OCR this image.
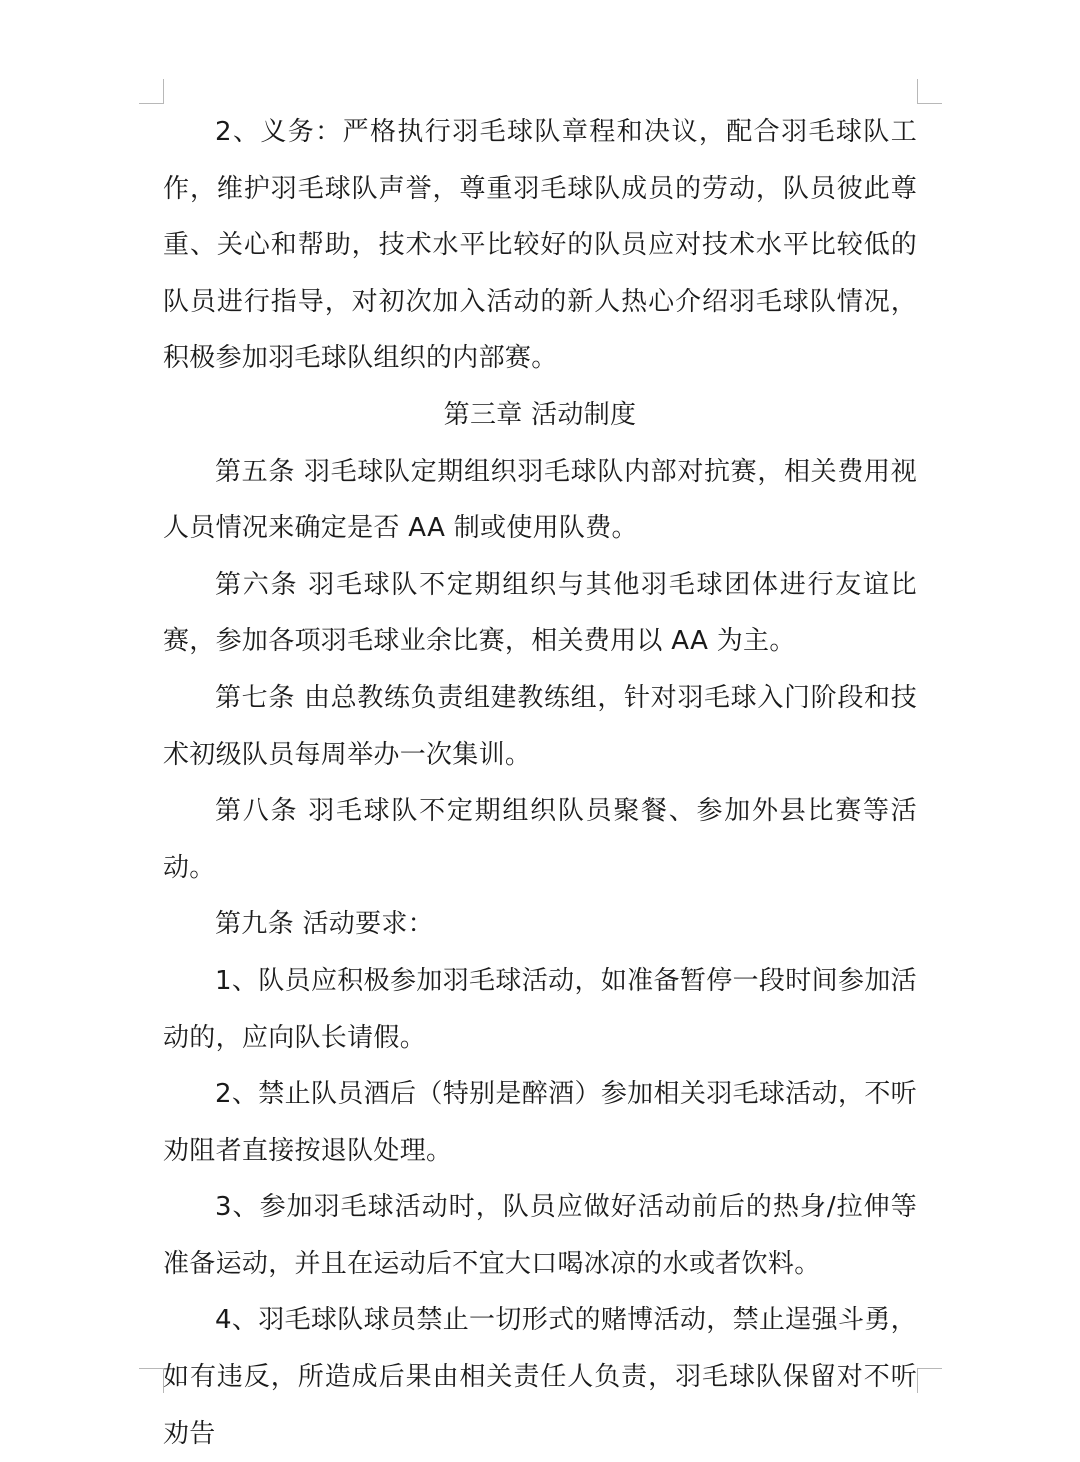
2、义务：严格执行羽毛球队章程和决议，配合羽毛球队工作，维护羽毛球队声誉，尊重羽毛球队成员的劳动，队员彼此尊重、关心和帮助，技术水平比较好的队员应对技术水平比较低的队员进行指导，对初次加入活动的新人热心介绍羽毛球队情况，积极参加羽毛球队组织的内部赛。

第三章 活动制度

第五条 羽毛球队定期组织羽毛球队内部对抗赛，相关费用视人员情况来确定是否 AA 制或使用队费。

第六条 羽毛球队不定期组织与其他羽毛球团体进行友谊比赛，参加各项羽毛球业余比赛，相关费用以 AA 为主。

第七条 由总教练负责组建教练组，针对羽毛球入门阶段和技术初级队员每周举办一次集训。

第八条 羽毛球队不定期组织队员聚餐、参加外县比赛等活动。

第九条 活动要求：

1、队员应积极参加羽毛球活动，如准备暂停一段时间参加活动的，应向队长请假。

2、禁止队员酒后（特别是醉酒）参加相关羽毛球活动，不听劝阻者直接按退队处理。

3、参加羽毛球活动时，队员应做好活动前后的热身/拉伸等准备运动，并且在运动后不宜大口喝冰凉的水或者饮料。

4、羽毛球队球员禁止一切形式的赌博活动，禁止逞强斗勇，如有违反，所造成后果由相关责任人负责，羽毛球队保留对不听劝告
